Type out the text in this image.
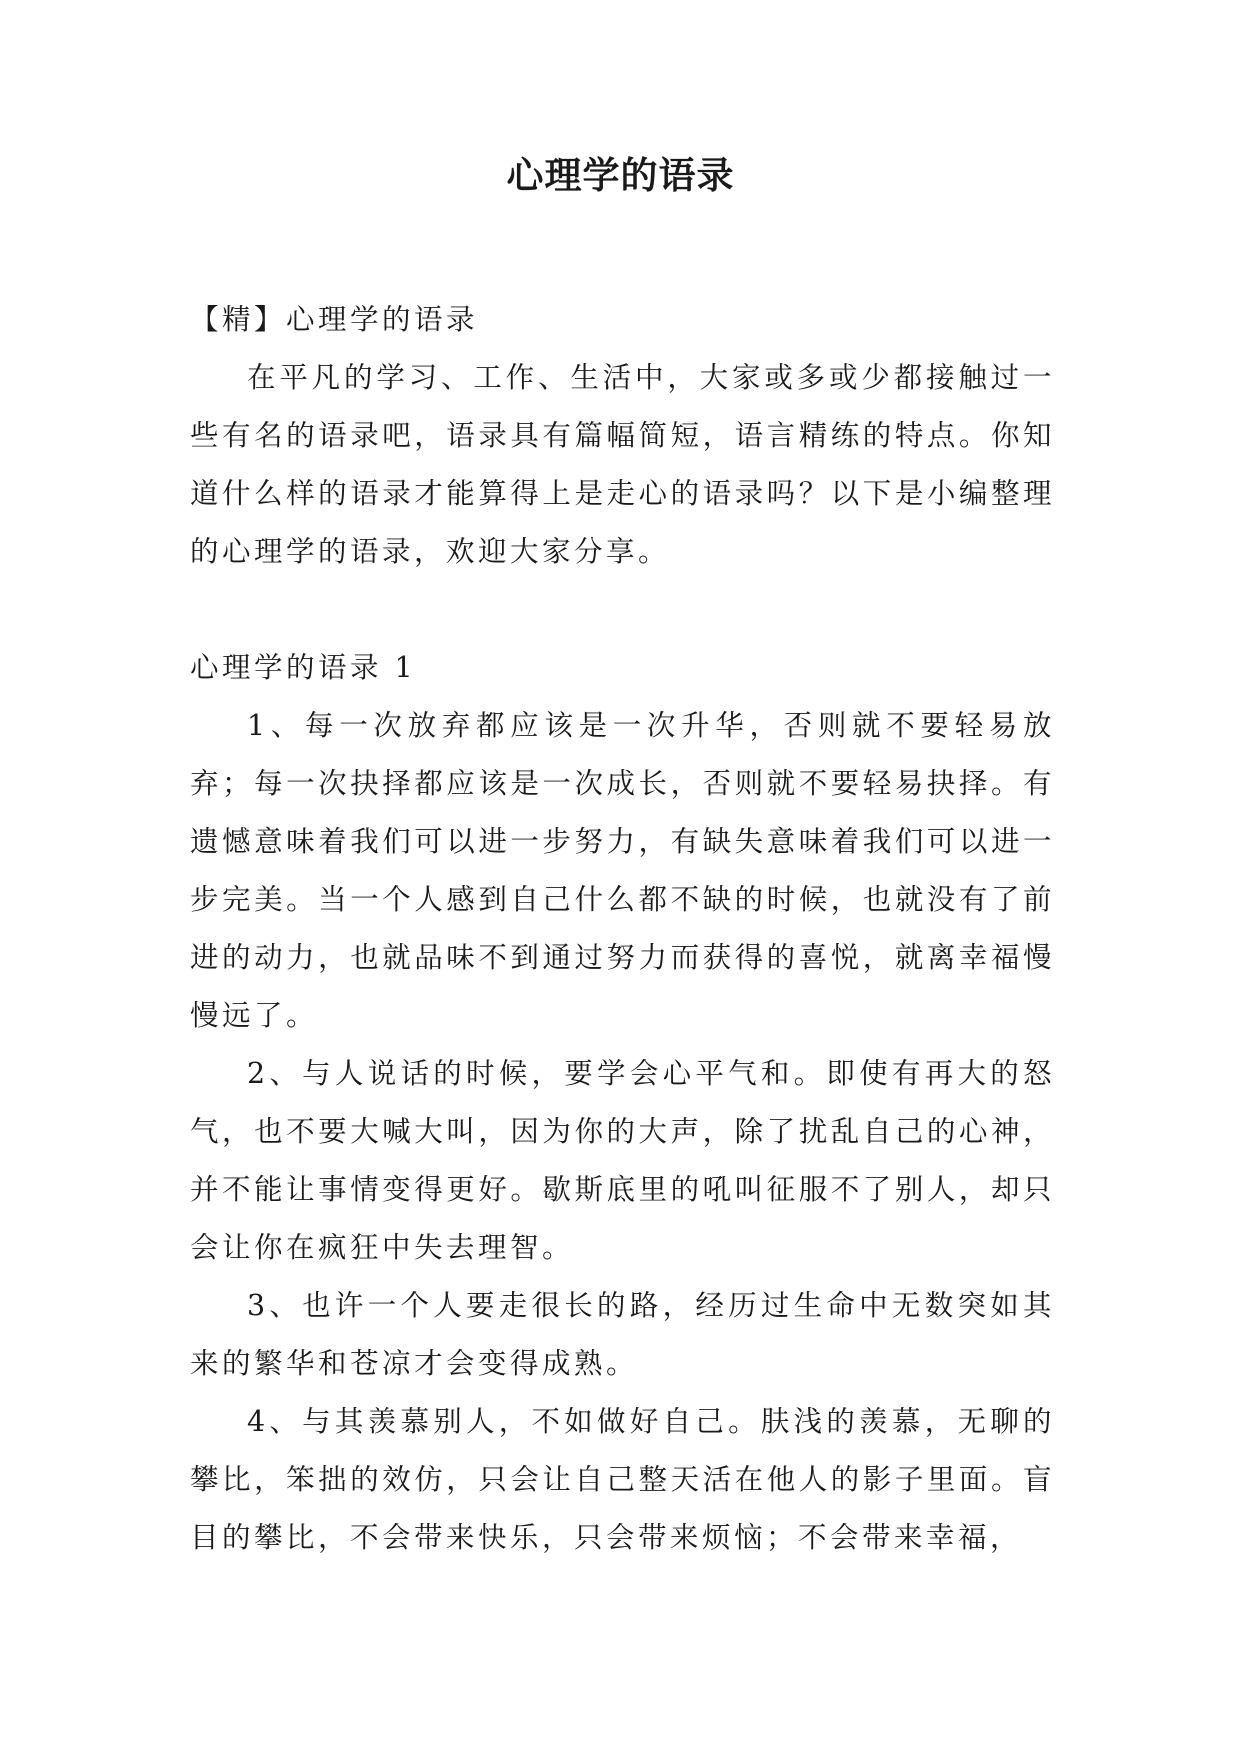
心理学的语录

【精】心理学的语录

在平凡的学习、工作、生活中，大家或多或少都接触过一些有名的语录吧，语录具有篇幅简短，语言精练的特点。你知道什么样的语录才能算得上是走心的语录吗？以下是小编整理的心理学的语录，欢迎大家分享。

心理学的语录 1

1、每一次放弃都应该是一次升华，否则就不要轻易放弃；每一次抉择都应该是一次成长，否则就不要轻易抉择。有遗憾意味着我们可以进一步努力，有缺失意味着我们可以进一步完美。当一个人感到自己什么都不缺的时候，也就没有了前进的动力，也就品味不到通过努力而获得的喜悦，就离幸福慢慢远了。

2、与人说话的时候，要学会心平气和。即使有再大的怒气，也不要大喊大叫，因为你的大声，除了扰乱自己的心神，并不能让事情变得更好。歇斯底里的吼叫征服不了别人，却只会让你在疯狂中失去理智。

3、也许一个人要走很长的路，经历过生命中无数突如其来的繁华和苍凉才会变得成熟。

4、与其羡慕别人，不如做好自己。肤浅的羡慕，无聊的攀比，笨拙的效仿，只会让自己整天活在他人的影子里面。盲目的攀比，不会带来快乐，只会带来烦恼；不会带来幸福，
